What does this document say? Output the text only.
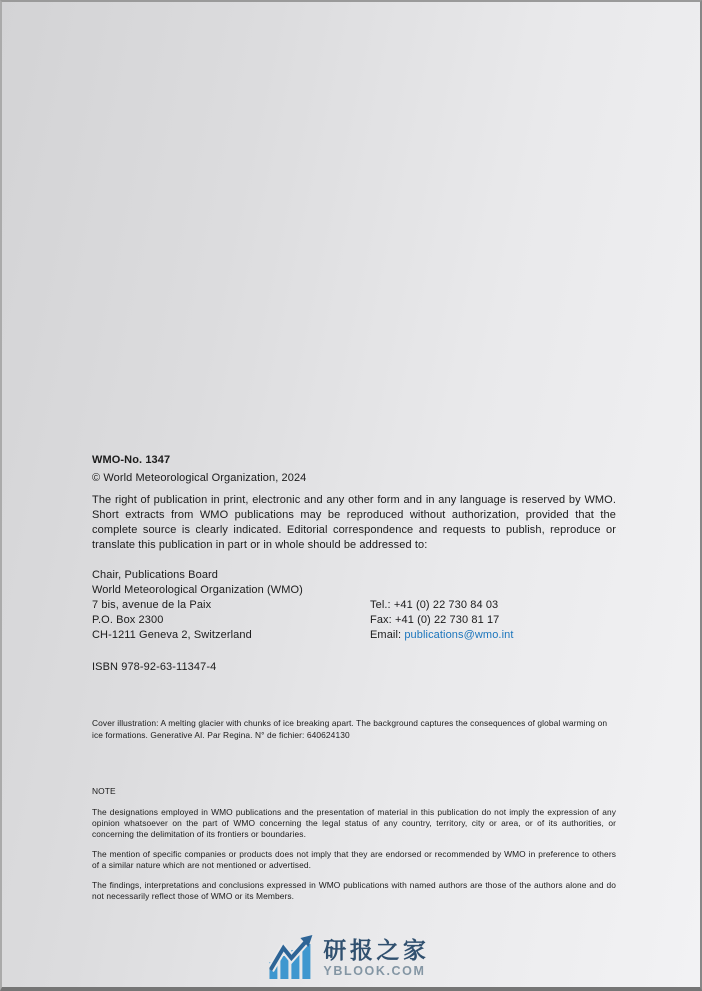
WMO-No. 1347

© World Meteorological Organization, 2024

The right of publication in print, electronic and any other form and in any language is reserved by WMO. Short extracts from WMO publications may be reproduced without authorization, provided that the complete source is clearly indicated. Editorial correspondence and requests to publish, reproduce or translate this publication in part or in whole should be addressed to:

Chair, Publications Board

World Meteorological Organization (WMO)

7 bis, avenue de la Paix

P.O. Box 2300

CH-1211 Geneva 2, Switzerland

Tel.: +41 (0) 22 730 84 03

Fax: +41 (0) 22 730 81 17

Email: publications@wmo.int

ISBN 978-92-63-11347-4

Cover illustration: A melting glacier with chunks of ice breaking apart. The background captures the consequences of global warming on ice formations. Generative AI. Par Regina. N° de fichier: 640624130

NOTE

The designations employed in WMO publications and the presentation of material in this publication do not imply the expression of any opinion whatsoever on the part of WMO concerning the legal status of any country, territory, city or area, or of its authorities, or concerning the delimitation of its frontiers or boundaries.

The mention of specific companies or products does not imply that they are endorsed or recommended by WMO in preference to others of a similar nature which are not mentioned or advertised.

The findings, interpretations and conclusions expressed in WMO publications with named authors are those of the authors alone and do not necessarily reflect those of WMO or its Members.

研报之家
YBLOOK.COM
